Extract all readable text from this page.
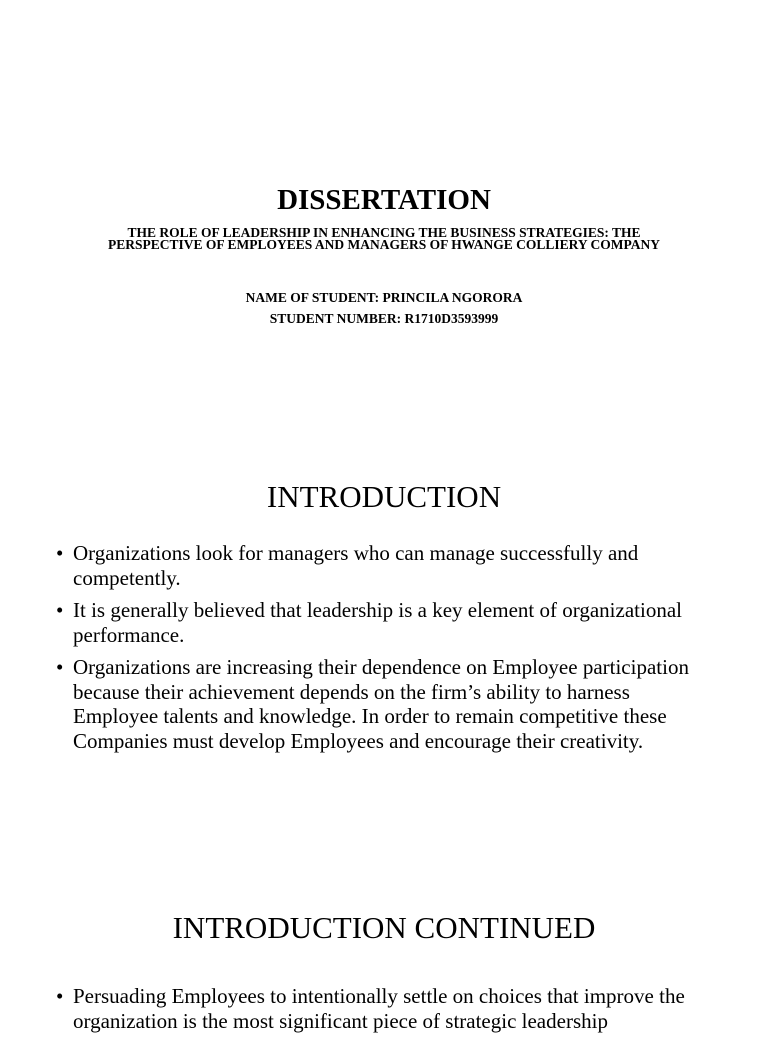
DISSERTATION

THE ROLE OF LEADERSHIP IN ENHANCING THE BUSINESS STRATEGIES: THE PERSPECTIVE OF EMPLOYEES AND MANAGERS OF HWANGE COLLIERY COMPANY

NAME OF STUDENT: PRINCILA NGORORA

STUDENT NUMBER: R1710D3593999

INTRODUCTION
• Organizations look for managers who can manage successfully and competently.
• It is generally believed that leadership is a key element of organizational performance.
• Organizations are increasing their dependence on Employee participation because their achievement depends on the firm’s ability to harness Employee talents and knowledge. In order to remain competitive these Companies must develop Employees and encourage their creativity.
INTRODUCTION CONTINUED
• Persuading Employees to intentionally settle on choices that improve the organization is the most significant piece of strategic leadership
